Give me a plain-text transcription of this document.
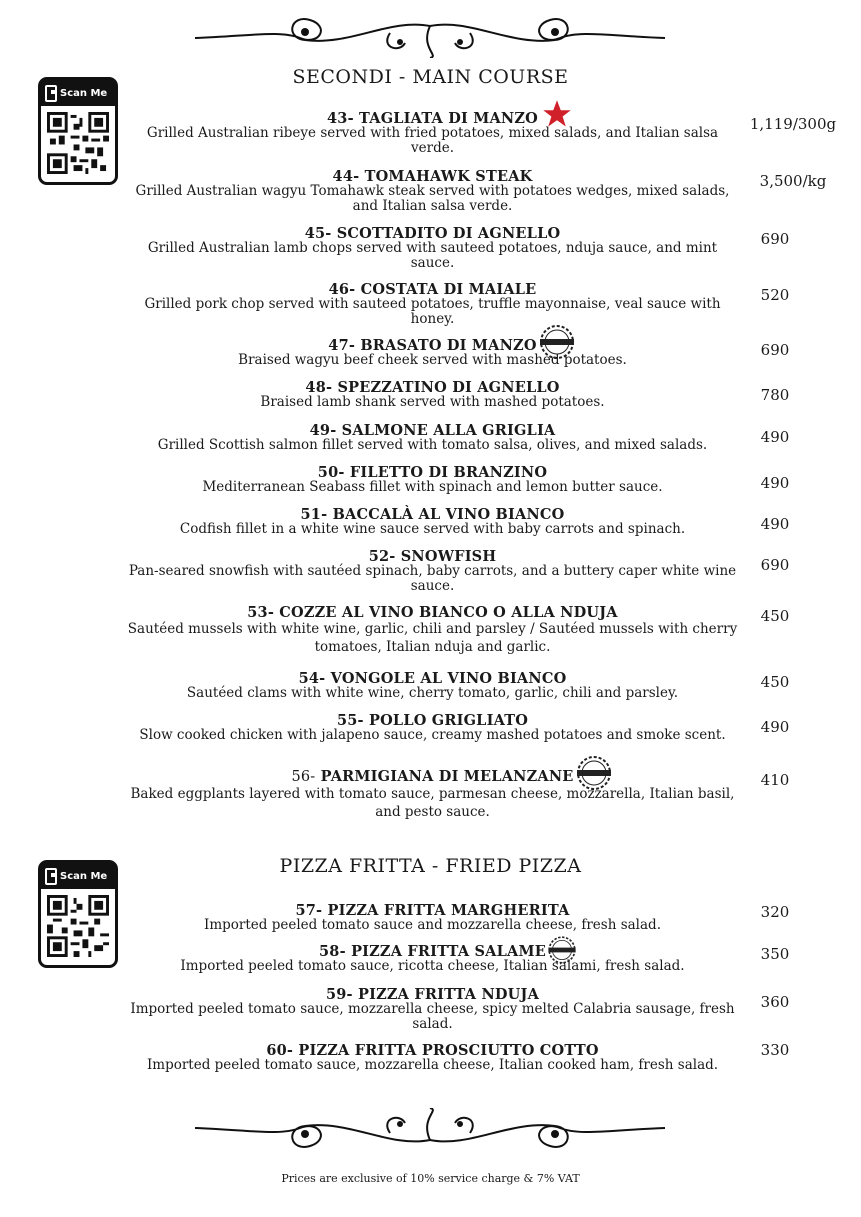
SECONDI - MAIN COURSE
Scan Me
43- TAGLIATA DI MANZO
Grilled Australian ribeye served with fried potatoes, mixed salads, and Italian salsa verde.
1,119/300g
44- TOMAHAWK STEAK
Grilled Australian wagyu Tomahawk steak served with potatoes wedges, mixed salads, and Italian salsa verde.
3,500/kg
45- SCOTTADITO DI AGNELLO
Grilled Australian lamb chops served with sauteed potatoes, nduja sauce, and mint sauce.
690
46- COSTATA DI MAIALE
Grilled pork chop served with sauteed potatoes, truffle mayonnaise, veal sauce with honey.
520
47- BRASATO DI MANZO
Braised wagyu beef cheek served with mashed potatoes.
690
48- SPEZZATINO DI AGNELLO
Braised lamb shank served with mashed potatoes.	780
49- SALMONE ALLA GRIGLIA
Grilled Scottish salmon fillet served with tomato salsa, olives, and mixed salads.	490
50- FILETTO DI BRANZINO
Mediterranean Seabass fillet with spinach and lemon butter sauce.	490
51- BACCALÀ AL VINO BIANCO
Codfish fillet in a white wine sauce served with baby carrots and spinach.	490
52- SNOWFISH
Pan-seared snowfish with sautéed spinach, baby carrots, and a buttery caper white wine sauce.
690
53- COZZE AL VINO BIANCO O ALLA NDUJA
Sautéed mussels with white wine, garlic, chili and parsley / Sautéed mussels with cherry tomatoes, Italian nduja and garlic.
450
54- VONGOLE AL VINO BIANCO
Sautéed clams with white wine, cherry tomato, garlic, chili and parsley.
450
55- POLLO GRIGLIATO
Slow cooked chicken with jalapeno sauce, creamy mashed potatoes and smoke scent.	490
56- PARMIGIANA DI MELANZANE
Baked eggplants layered with tomato sauce, parmesan cheese, mozzarella, Italian basil, and pesto sauce.
410
PIZZA FRITTA - FRIED PIZZA
Scan Me
57- PIZZA FRITTA MARGHERITA
Imported peeled tomato sauce and mozzarella cheese, fresh salad.
320
58- PIZZA FRITTA SALAME
Imported peeled tomato sauce, ricotta cheese, Italian salami, fresh salad.
350
59- PIZZA FRITTA NDUJA
Imported peeled tomato sauce, mozzarella cheese, spicy melted Calabria sausage, fresh salad.
360
60- PIZZA FRITTA PROSCIUTTO COTTO
Imported peeled tomato sauce, mozzarella cheese, Italian cooked ham, fresh salad.
330
Prices are exclusive of 10% service charge & 7% VAT
